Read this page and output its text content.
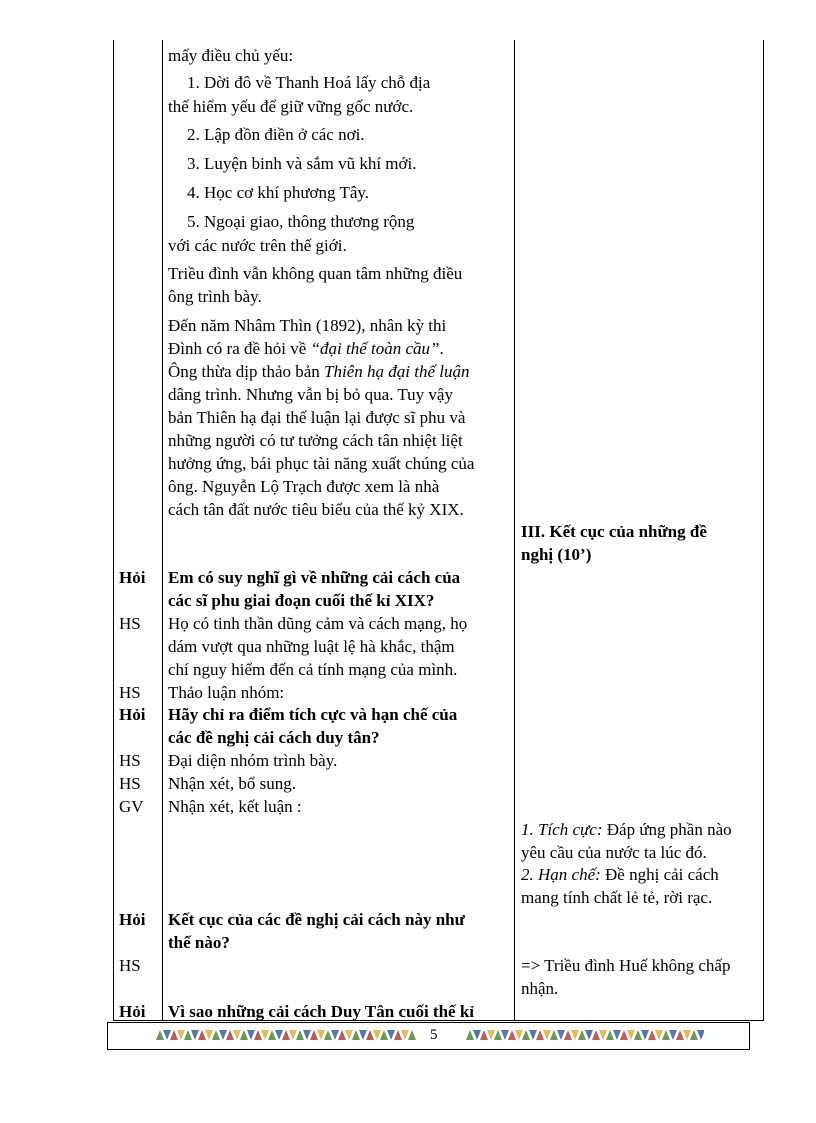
mấy điều chủ yếu:
1. Dời đô về Thanh Hoá lấy chỗ địa
thế hiểm yếu để giữ vững gốc nước.
2. Lập đồn điền ở các nơi.
3. Luyện binh và sắm vũ khí mới.
4. Học cơ khí phương Tây.
5. Ngoại giao, thông thương rộng
với các nước trên thế giới.
Triều đình vẫn không quan tâm những điều
ông trình bày.
Đến năm Nhâm Thìn (1892), nhân kỳ thi
Đình có ra đề hỏi về “đại thế toàn cầu”.
Ông thừa dịp thảo bản Thiên hạ đại thế luận
dâng trình. Nhưng vẫn bị bỏ qua. Tuy vậy
bản Thiên hạ đại thế luận lại được sĩ phu và
những người có tư tưởng cách tân nhiệt liệt
hưởng ứng, bái phục tài năng xuất chúng của
ông. Nguyễn Lộ Trạch được xem là nhà
cách tân đất nước tiêu biểu của thế kỷ XIX.
Em có suy nghĩ gì về những cải cách của
các sĩ phu giai đoạn cuối thế kỉ XIX?
Họ có tinh thần dũng cảm và cách mạng, họ
dám vượt qua những luật lệ hà khắc, thậm
chí nguy hiểm đến cả tính mạng của mình.
Thảo luận nhóm:
Hãy chỉ ra điểm tích cực và hạn chế của
các đề nghị cải cách duy tân?
Đại diện nhóm trình bày.
Nhận xét, bổ sung.
Nhận xét, kết luận :
Kết cục của các đề nghị cải cách này như
thế nào?
Vì sao những cải cách Duy Tân cuối thế kỉ
Hỏi
HS
HS
Hỏi
HS
HS
GV
Hỏi
HS
Hỏi
III. Kết cục của những đề
nghị (10’)
1. Tích cực: Đáp ứng phần nào
yêu cầu của nước ta lúc đó.
2. Hạn chế: Đề nghị cải cách
mang tính chất lẻ tẻ, rời rạc.
=> Triều đình Huế không chấp
nhận.
5
